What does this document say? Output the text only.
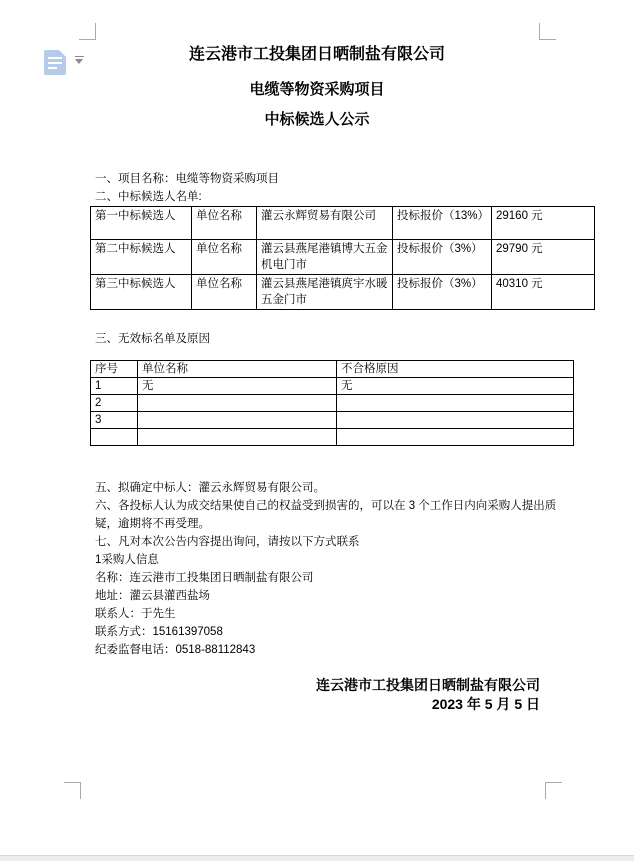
连云港市工投集团日晒制盐有限公司
电缆等物资采购项目
中标候选人公示

一、项目名称：电缆等物资采购项目

二、中标候选人名单:

第一中标候选人	单位名称	灌云永辉贸易有限公司	投标报价（13%）	29160 元
第二中标候选人	单位名称	灌云县燕尾港镇博大五金机电门市	投标报价（3%）	29790 元
第三中标候选人	单位名称	灌云县燕尾港镇庹宇水暖五金门市	投标报价（3%）	40310 元

三、无效标名单及原因

序号	单位名称	不合格原因
1	无	无
2		
3		

五、拟确定中标人：灌云永辉贸易有限公司。

六、各投标人认为成交结果使自己的权益受到损害的，可以在 3 个工作日内向采购人提出质疑，逾期将不再受理。

七、凡对本次公告内容提出询问，请按以下方式联系

1采购人信息

名称：连云港市工投集团日晒制盐有限公司

地址：灌云县灌西盐场

联系人：于先生

联系方式：15161397058

纪委监督电话：0518-88112843

连云港市工投集团日晒制盐有限公司
2023 年 5 月 5 日
